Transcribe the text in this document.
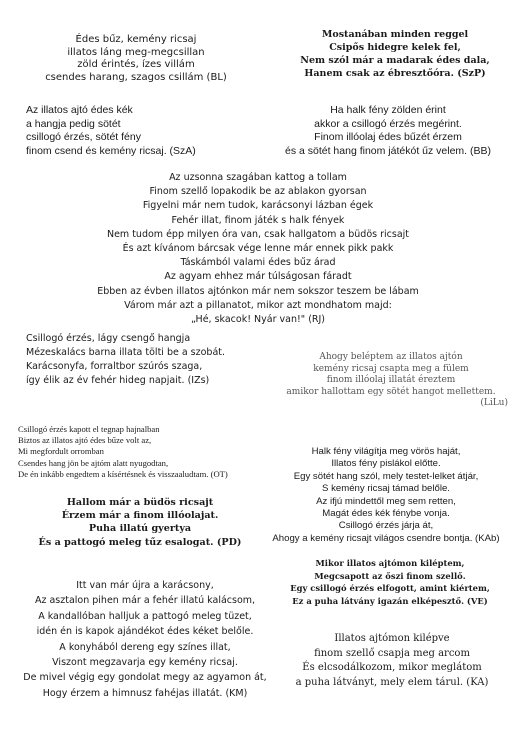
Édes bűz, kemény ricsaj
illatos láng meg-megcsillan
zöld érintés, ízes villám
csendes harang, szagos csillám (BL)
Mostanában minden reggel
Csipős hidegre kelek fel,
Nem szól már a madarak édes dala,
Hanem csak az ébresztőóra. (SzP)
Az illatos ajtó édes kék
a hangja pedig sötét
csillogó érzés, sötét fény
finom csend és kemény ricsaj. (SzA)
Ha halk fény zölden érint
akkor a csillogó érzés megérint.
Finom illóolaj édes bűzét érzem
és a sötét hang finom játékót űz velem. (BB)
Az uzsonna szagában kattog a tollam
Finom szellő lopakodik be az ablakon gyorsan
Figyelni már nem tudok, karácsonyi lázban égek
Fehér illat, finom játék s halk fények
Nem tudom épp milyen óra van, csak hallgatom a büdös ricsajt
És azt kívánom bárcsak vége lenne már ennek pikk pakk
Táskámból valami édes bűz árad
Az agyam ehhez már túlságosan fáradt
Ebben az évben illatos ajtónkon már nem sokszor teszem be lábam
Várom már azt a pillanatot, mikor azt mondhatom majd:
„Hé, skacok! Nyár van!" (RJ)
Csillogó érzés, lágy csengő hangja
Mézeskalács barna illata tölti be a szobát.
Karácsonyfa, forraltbor szúrós szaga,
így élik az év fehér hideg napjait. (IZs)
Ahogy beléptem az illatos ajtón
kemény ricsaj csapta meg a fülem
finom illóolaj illatát éreztem
amikor hallottam egy sötét hangot mellettem.
(LiLu)
Csillogó érzés kapott el tegnap hajnalban
Biztos az illatos ajtó édes bűze volt az,
Mi megfordult orromban
Csendes hang jön be ajtóm alatt nyugodtan,
De én inkább engedtem a kísértésnek és visszaaludtam. (OT)
Halk fény világítja meg vörös haját,
Illatos fény pislákol előtte.
Egy sötét hang szól, mely testet-lelket átjár,
S kemény ricsaj támad belőle.
Az ifjú mindettől meg sem retten,
Magát édes kék fénybe vonja.
Csillogó érzés járja át,
Ahogy a kemény ricsajt világos csendre bontja. (KAb)
Hallom már a büdös ricsajt
Érzem már a finom illóolajat.
Puha illatú gyertya
És a pattogó meleg tűz esalogat. (PD)
Mikor illatos ajtómon kiléptem,
Megcsapott az őszi finom szellő.
Egy csillogó érzés elfogott, amint kiértem,
Ez a puha látvány igazán elképesztő. (VE)
Itt van már újra a karácsony,
Az asztalon pihen már a fehér illatú kalácsom,
A kandallóban halljuk a pattogó meleg tüzet,
idén én is kapok ajándékot édes kéket belőle.
A konyhából dereng egy színes illat,
Viszont megzavarja egy kemény ricsaj.
De mivel végig egy gondolat megy az agyamon át,
Hogy érzem a himnusz fahéjas illatát. (KM)
Illatos ajtómon kilépve
finom szellő csapja meg arcom
És elcsodálkozom, mikor meglátom
a puha látványt, mely elem tárul. (KA)
